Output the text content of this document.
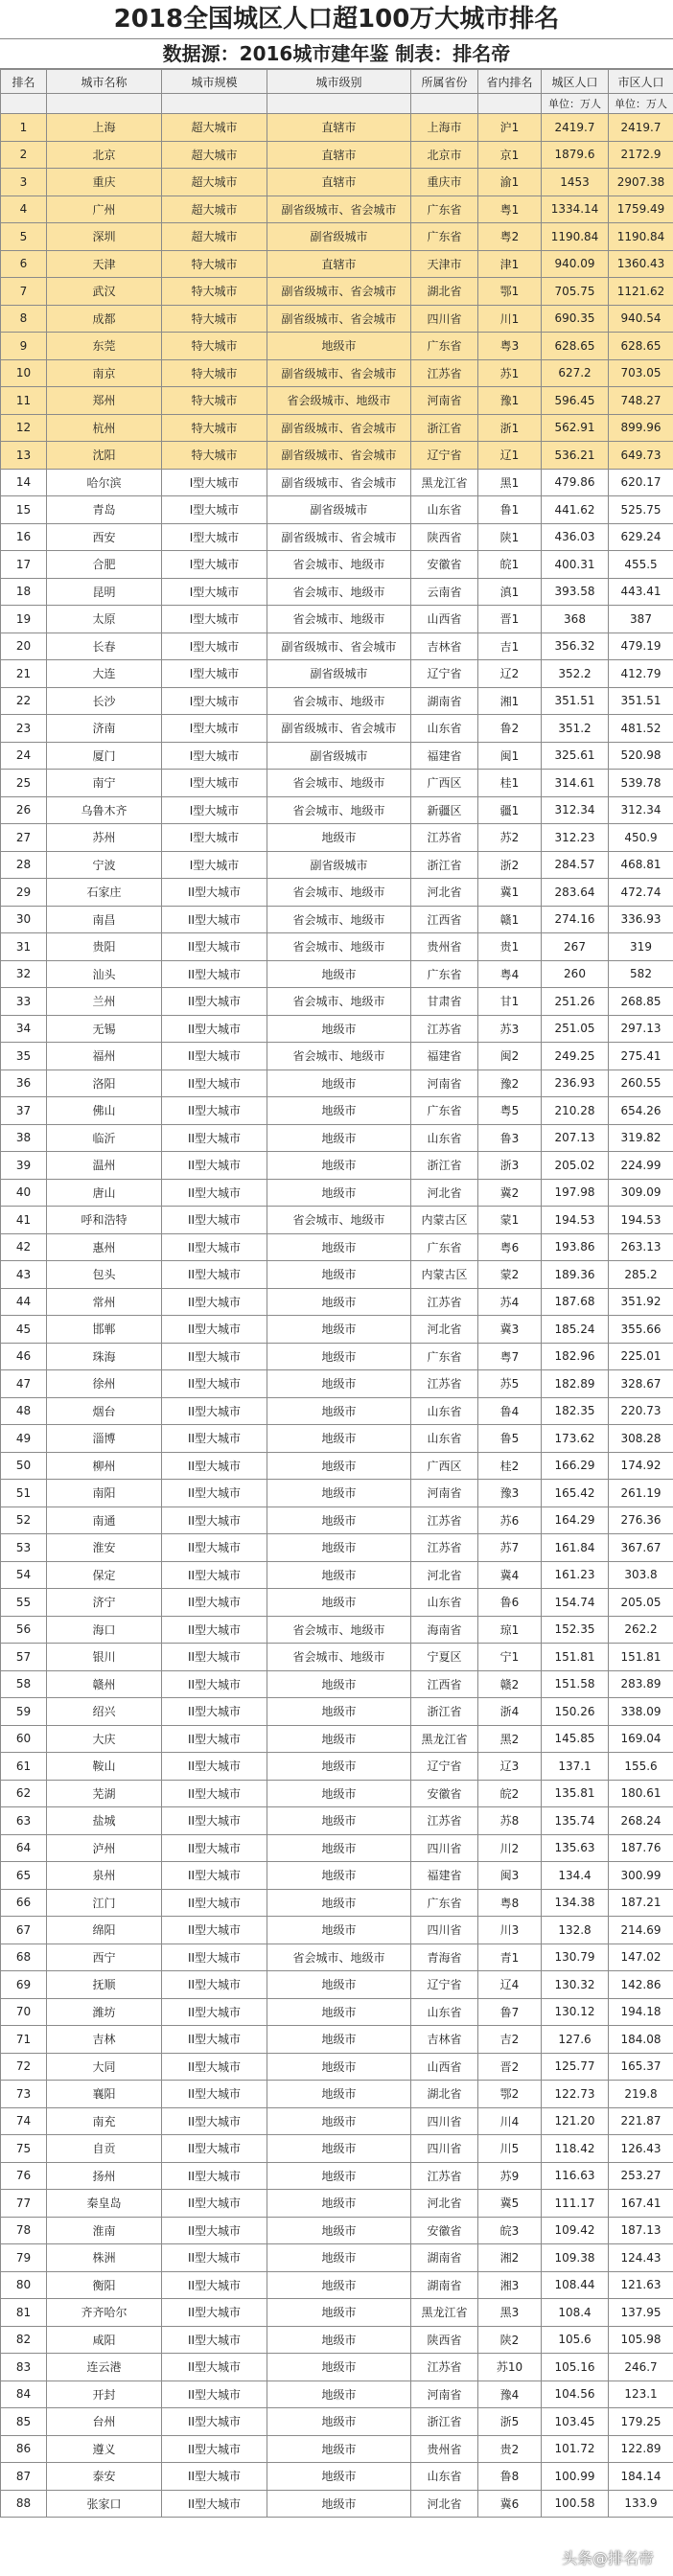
2018全国城区人口超100万大城市排名
数据源：2016城市建年鉴 制表：排名帝
排名	城市名称	城市规模	城市级别	所属省份	省内排名	城区人口	市区人口
						单位：万人	单位：万人
1	上海	超大城市	直辖市	上海市	沪1	2419.7	2419.7
2	北京	超大城市	直辖市	北京市	京1	1879.6	2172.9
3	重庆	超大城市	直辖市	重庆市	渝1	1453	2907.38
4	广州	超大城市	副省级城市、省会城市	广东省	粤1	1334.14	1759.49
5	深圳	超大城市	副省级城市	广东省	粤2	1190.84	1190.84
6	天津	特大城市	直辖市	天津市	津1	940.09	1360.43
7	武汉	特大城市	副省级城市、省会城市	湖北省	鄂1	705.75	1121.62
8	成都	特大城市	副省级城市、省会城市	四川省	川1	690.35	940.54
9	东莞	特大城市	地级市	广东省	粤3	628.65	628.65
10	南京	特大城市	副省级城市、省会城市	江苏省	苏1	627.2	703.05
11	郑州	特大城市	省会级城市、地级市	河南省	豫1	596.45	748.27
12	杭州	特大城市	副省级城市、省会城市	浙江省	浙1	562.91	899.96
13	沈阳	特大城市	副省级城市、省会城市	辽宁省	辽1	536.21	649.73
14	哈尔滨	I型大城市	副省级城市、省会城市	黑龙江省	黑1	479.86	620.17
15	青岛	I型大城市	副省级城市	山东省	鲁1	441.62	525.75
16	西安	I型大城市	副省级城市、省会城市	陕西省	陕1	436.03	629.24
17	合肥	I型大城市	省会城市、地级市	安徽省	皖1	400.31	455.5
18	昆明	I型大城市	省会城市、地级市	云南省	滇1	393.58	443.41
19	太原	I型大城市	省会城市、地级市	山西省	晋1	368	387
20	长春	I型大城市	副省级城市、省会城市	吉林省	吉1	356.32	479.19
21	大连	I型大城市	副省级城市	辽宁省	辽2	352.2	412.79
22	长沙	I型大城市	省会城市、地级市	湖南省	湘1	351.51	351.51
23	济南	I型大城市	副省级城市、省会城市	山东省	鲁2	351.2	481.52
24	厦门	I型大城市	副省级城市	福建省	闽1	325.61	520.98
25	南宁	I型大城市	省会城市、地级市	广西区	桂1	314.61	539.78
26	乌鲁木齐	I型大城市	省会城市、地级市	新疆区	疆1	312.34	312.34
27	苏州	I型大城市	地级市	江苏省	苏2	312.23	450.9
28	宁波	I型大城市	副省级城市	浙江省	浙2	284.57	468.81
29	石家庄	II型大城市	省会城市、地级市	河北省	冀1	283.64	472.74
30	南昌	II型大城市	省会城市、地级市	江西省	赣1	274.16	336.93
31	贵阳	II型大城市	省会城市、地级市	贵州省	贵1	267	319
32	汕头	II型大城市	地级市	广东省	粤4	260	582
33	兰州	II型大城市	省会城市、地级市	甘肃省	甘1	251.26	268.85
34	无锡	II型大城市	地级市	江苏省	苏3	251.05	297.13
35	福州	II型大城市	省会城市、地级市	福建省	闽2	249.25	275.41
36	洛阳	II型大城市	地级市	河南省	豫2	236.93	260.55
37	佛山	II型大城市	地级市	广东省	粤5	210.28	654.26
38	临沂	II型大城市	地级市	山东省	鲁3	207.13	319.82
39	温州	II型大城市	地级市	浙江省	浙3	205.02	224.99
40	唐山	II型大城市	地级市	河北省	冀2	197.98	309.09
41	呼和浩特	II型大城市	省会城市、地级市	内蒙古区	蒙1	194.53	194.53
42	惠州	II型大城市	地级市	广东省	粤6	193.86	263.13
43	包头	II型大城市	地级市	内蒙古区	蒙2	189.36	285.2
44	常州	II型大城市	地级市	江苏省	苏4	187.68	351.92
45	邯郸	II型大城市	地级市	河北省	冀3	185.24	355.66
46	珠海	II型大城市	地级市	广东省	粤7	182.96	225.01
47	徐州	II型大城市	地级市	江苏省	苏5	182.89	328.67
48	烟台	II型大城市	地级市	山东省	鲁4	182.35	220.73
49	淄博	II型大城市	地级市	山东省	鲁5	173.62	308.28
50	柳州	II型大城市	地级市	广西区	桂2	166.29	174.92
51	南阳	II型大城市	地级市	河南省	豫3	165.42	261.19
52	南通	II型大城市	地级市	江苏省	苏6	164.29	276.36
53	淮安	II型大城市	地级市	江苏省	苏7	161.84	367.67
54	保定	II型大城市	地级市	河北省	冀4	161.23	303.8
55	济宁	II型大城市	地级市	山东省	鲁6	154.74	205.05
56	海口	II型大城市	省会城市、地级市	海南省	琼1	152.35	262.2
57	银川	II型大城市	省会城市、地级市	宁夏区	宁1	151.81	151.81
58	赣州	II型大城市	地级市	江西省	赣2	151.58	283.89
59	绍兴	II型大城市	地级市	浙江省	浙4	150.26	338.09
60	大庆	II型大城市	地级市	黑龙江省	黑2	145.85	169.04
61	鞍山	II型大城市	地级市	辽宁省	辽3	137.1	155.6
62	芜湖	II型大城市	地级市	安徽省	皖2	135.81	180.61
63	盐城	II型大城市	地级市	江苏省	苏8	135.74	268.24
64	泸州	II型大城市	地级市	四川省	川2	135.63	187.76
65	泉州	II型大城市	地级市	福建省	闽3	134.4	300.99
66	江门	II型大城市	地级市	广东省	粤8	134.38	187.21
67	绵阳	II型大城市	地级市	四川省	川3	132.8	214.69
68	西宁	II型大城市	省会城市、地级市	青海省	青1	130.79	147.02
69	抚顺	II型大城市	地级市	辽宁省	辽4	130.32	142.86
70	潍坊	II型大城市	地级市	山东省	鲁7	130.12	194.18
71	吉林	II型大城市	地级市	吉林省	吉2	127.6	184.08
72	大同	II型大城市	地级市	山西省	晋2	125.77	165.37
73	襄阳	II型大城市	地级市	湖北省	鄂2	122.73	219.8
74	南充	II型大城市	地级市	四川省	川4	121.20	221.87
75	自贡	II型大城市	地级市	四川省	川5	118.42	126.43
76	扬州	II型大城市	地级市	江苏省	苏9	116.63	253.27
77	秦皇岛	II型大城市	地级市	河北省	冀5	111.17	167.41
78	淮南	II型大城市	地级市	安徽省	皖3	109.42	187.13
79	株洲	II型大城市	地级市	湖南省	湘2	109.38	124.43
80	衡阳	II型大城市	地级市	湖南省	湘3	108.44	121.63
81	齐齐哈尔	II型大城市	地级市	黑龙江省	黑3	108.4	137.95
82	咸阳	II型大城市	地级市	陕西省	陕2	105.6	105.98
83	连云港	II型大城市	地级市	江苏省	苏10	105.16	246.7
84	开封	II型大城市	地级市	河南省	豫4	104.56	123.1
85	台州	II型大城市	地级市	浙江省	浙5	103.45	179.25
86	遵义	II型大城市	地级市	贵州省	贵2	101.72	122.89
87	泰安	II型大城市	地级市	山东省	鲁8	100.99	184.14
88	张家口	II型大城市	地级市	河北省	冀6	100.58	133.9
头条@排名帝
